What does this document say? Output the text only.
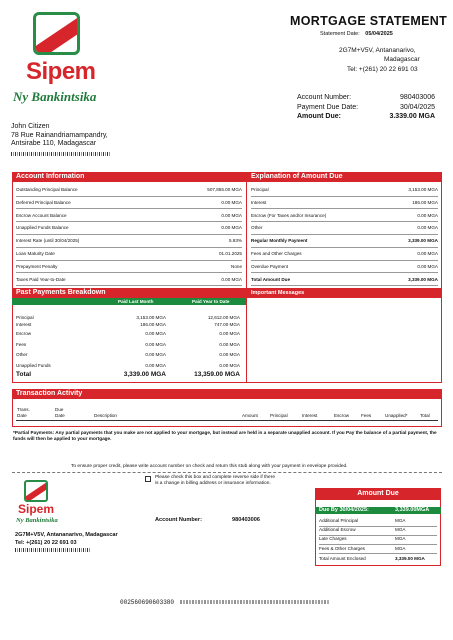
Sipem
Ny Bankintsika
MORTGAGE STATEMENT
Statement Date: 05/04/2025
2G7M+V5V, Antananarivo,
Madagascar
Tel: +(261) 20 22 691 03
Account Number:	980403006
Payment Due Date:	30/04/2025
Amount Due:	3.339.00 MGA
John Citizen
78 Rue Rainandriamampandry,
Antsirabe 110, Madagascar
Account Information	Explanation of Amount Due
Outstanding Principal Balance	507,855.00 MGA
Deferred Principal Balance	0.00 MGA
Escrow Account Balance	0.00 MGA
Unapplied Funds Balance	0.00 MGA
Interest Rate (until 30/04/2025)	5.93%
Loan Maturity Date	01.01.2025
Prepayment Penalty	None
Taxes Paid Year-to-Date	0.00 MGA
Principal	3,153.00 MGA
Interest	186.00 MGA
Escrow (For Taxes and/or Insurance)	0.00 MGA
Other	0.00 MGA
Regular Monthly Payment	3,339.00 MGA
Fees and Other Charges	0.00 MGA
Overdue Payment	0.00 MGA
Total Amount Due	3,339.00 MGA
Past Payments Breakdown	Important Messages
Paid Last Month	Paid Year to Date
Principal	3,153.00 MGA	12,612.00 MGA
Interest	186.00 MGA	747.00 MGA
Escrow	0.00 MGA	0.00 MGA
Fees	0.00 MGA	0.00 MGA
Other	0.00 MGA	0.00 MGA
Unapplied Funds	0.00 MGA	0.00 MGA
Total	3,339.00 MGA	13,359.00 MGA
Transaction Activity
Trans.
Date
Due
Date	Description	Amount	Principal	Interest	Escrow	Fees	Unapplied*	Total
*Partial Payments: Any partial payments that you make are not applied to your mortgage, but instead are held in a separate unapplied account. If you Pay the balance of a partial payment, the funds will then be applied to your mortgage.
To ensure proper credit, please write account number on check and return this stub along with your payment in envelope provided.
Sipem
Ny Bankintsika
Please check this box and complete reverse side if there
is a change in billing address or insurance information.
Account Number:	980403006
2G7M+V5V, Antananarivo, Madagascar
Tel: +(261) 20 22 691 03
Amount Due
Due By 30/04/2025:	3,339.00MGA
Additional Principal	MGA
Additional Escrow	MGA
Late Charges	MGA
Fees & Other Charges	MGA
Total Amount Enclosed	3,339.00 MGA
002560690603380
